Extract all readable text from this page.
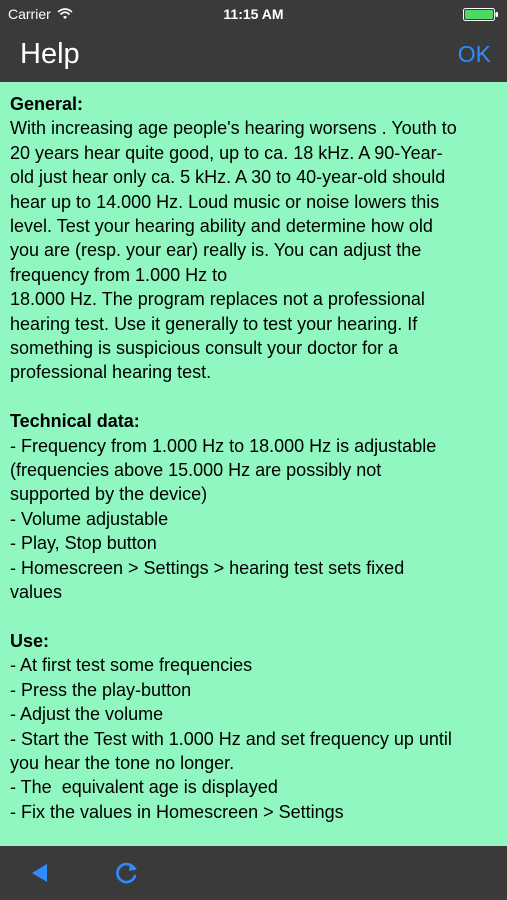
Carrier	11:15 AM
Help	OK
General:
With increasing age people's hearing worsens . Youth to
20 years hear quite good, up to ca. 18 kHz. A 90-Year-
old just hear only ca. 5 kHz. A 30 to 40-year-old should
hear up to 14.000 Hz. Loud music or noise lowers this
level. Test your hearing ability and determine how old
you are (resp. your ear) really is. You can adjust the
frequency from 1.000 Hz to
18.000 Hz. The program replaces not a professional
hearing test. Use it generally to test your hearing. If
something is suspicious consult your doctor for a
professional hearing test.
Technical data:
- Frequency from 1.000 Hz to 18.000 Hz is adjustable
(frequencies above 15.000 Hz are possibly not
supported by the device)
- Volume adjustable
- Play, Stop button
- Homescreen > Settings > hearing test sets fixed
values
Use:
- At first test some frequencies
- Press the play-button
- Adjust the volume
- Start the Test with 1.000 Hz and set frequency up until
you hear the tone no longer.
- The  equivalent age is displayed
- Fix the values in Homescreen > Settings
